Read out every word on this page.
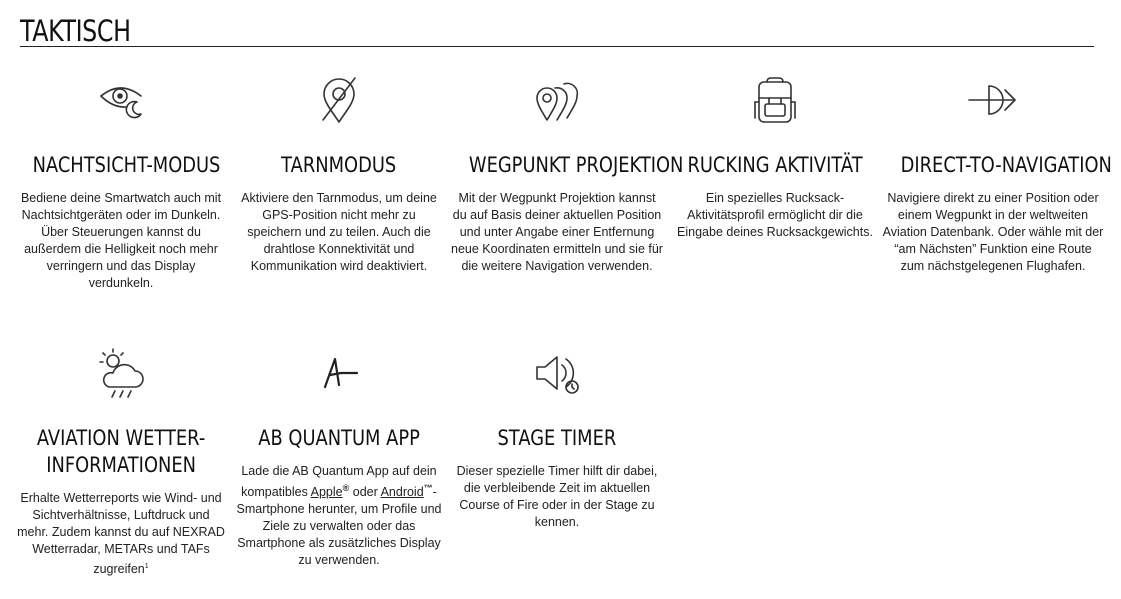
TAKTISCH
NACHTSICHT-MODUS

Bediene deine Smartwatch auch mit Nachtsichtgeräten oder im Dunkeln. Über Steuerungen kannst du außerdem die Helligkeit noch mehr verringern und das Display verdunkeln.

TARNMODUS

Aktiviere den Tarnmodus, um deine GPS-Position nicht mehr zu speichern und zu teilen. Auch die drahtlose Konnektivität und Kommunikation wird deaktiviert.

WEGPUNKT PROJEKTION

Mit der Wegpunkt Projektion kannst du auf Basis deiner aktuellen Position und unter Angabe einer Entfernung neue Koordinaten ermitteln und sie für die weitere Navigation verwenden.

RUCKING AKTIVITÄT

Ein spezielles Rucksack-Aktivitätsprofil ermöglicht dir die Eingabe deines Rucksackgewichts.

DIRECT-TO-NAVIGATION

Navigiere direkt zu einer Position oder einem Wegpunkt in der weltweiten Aviation Datenbank. Oder wähle mit der “am Nächsten” Funktion eine Route zum nächstgelegenen Flughafen.

AVIATION WETTER-
INFORMATIONEN

Erhalte Wetterreports wie Wind- und Sichtverhältnisse, Luftdruck und mehr. Zudem kannst du auf NEXRAD Wetterradar, METARs und TAFs zugreifen$^1$

AB QUANTUM APP

Lade die AB Quantum App auf dein kompatibles Apple® oder Android™-Smartphone herunter, um Profile und Ziele zu verwalten oder das Smartphone als zusätzliches Display zu verwenden.

STAGE TIMER

Dieser spezielle Timer hilft dir dabei, die verbleibende Zeit im aktuellen Course of Fire oder in der Stage zu kennen.
